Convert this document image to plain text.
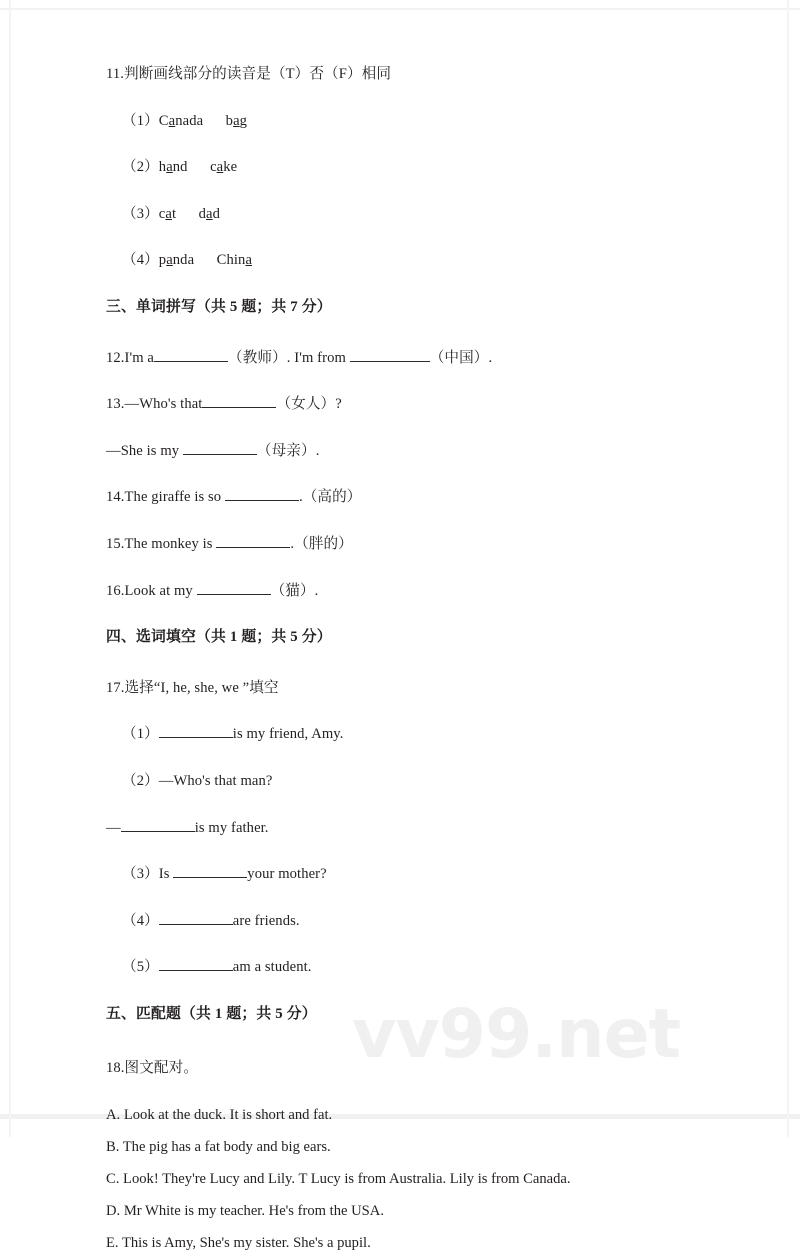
11.判断画线部分的读音是（T）否（F）相同

（1）Canada bag

（2）hand cake

（3）cat dad

（4）panda China

三、单词拼写（共 5 题；共 7 分）

12.I'm a	（教师）. I'm from	（中国）.

13.—Who's that	（女人）?

—She is my	（母亲）.

14.The giraffe is so	.（高的）

15.The monkey is	.（胖的）

16.Look at my	（猫）.

四、选词填空（共 1 题；共 5 分）

17.选择“I, he, she, we ”填空

（1）	is my friend, Amy.

（2）—Who's that man?

—	is my father.

（3）Is	your mother?

（4）	are friends.

（5）	am a student.

五、匹配题（共 1 题；共 5 分）

18.图文配对。

A. Look at the duck. It is short and fat.

B. The pig has a fat body and big ears.

C. Look! They're Lucy and Lily. T Lucy is from Australia. Lily is from Canada.

D. Mr White is my teacher. He's from the USA.

E. This is Amy, She's my sister. She's a pupil.

vv99.net
